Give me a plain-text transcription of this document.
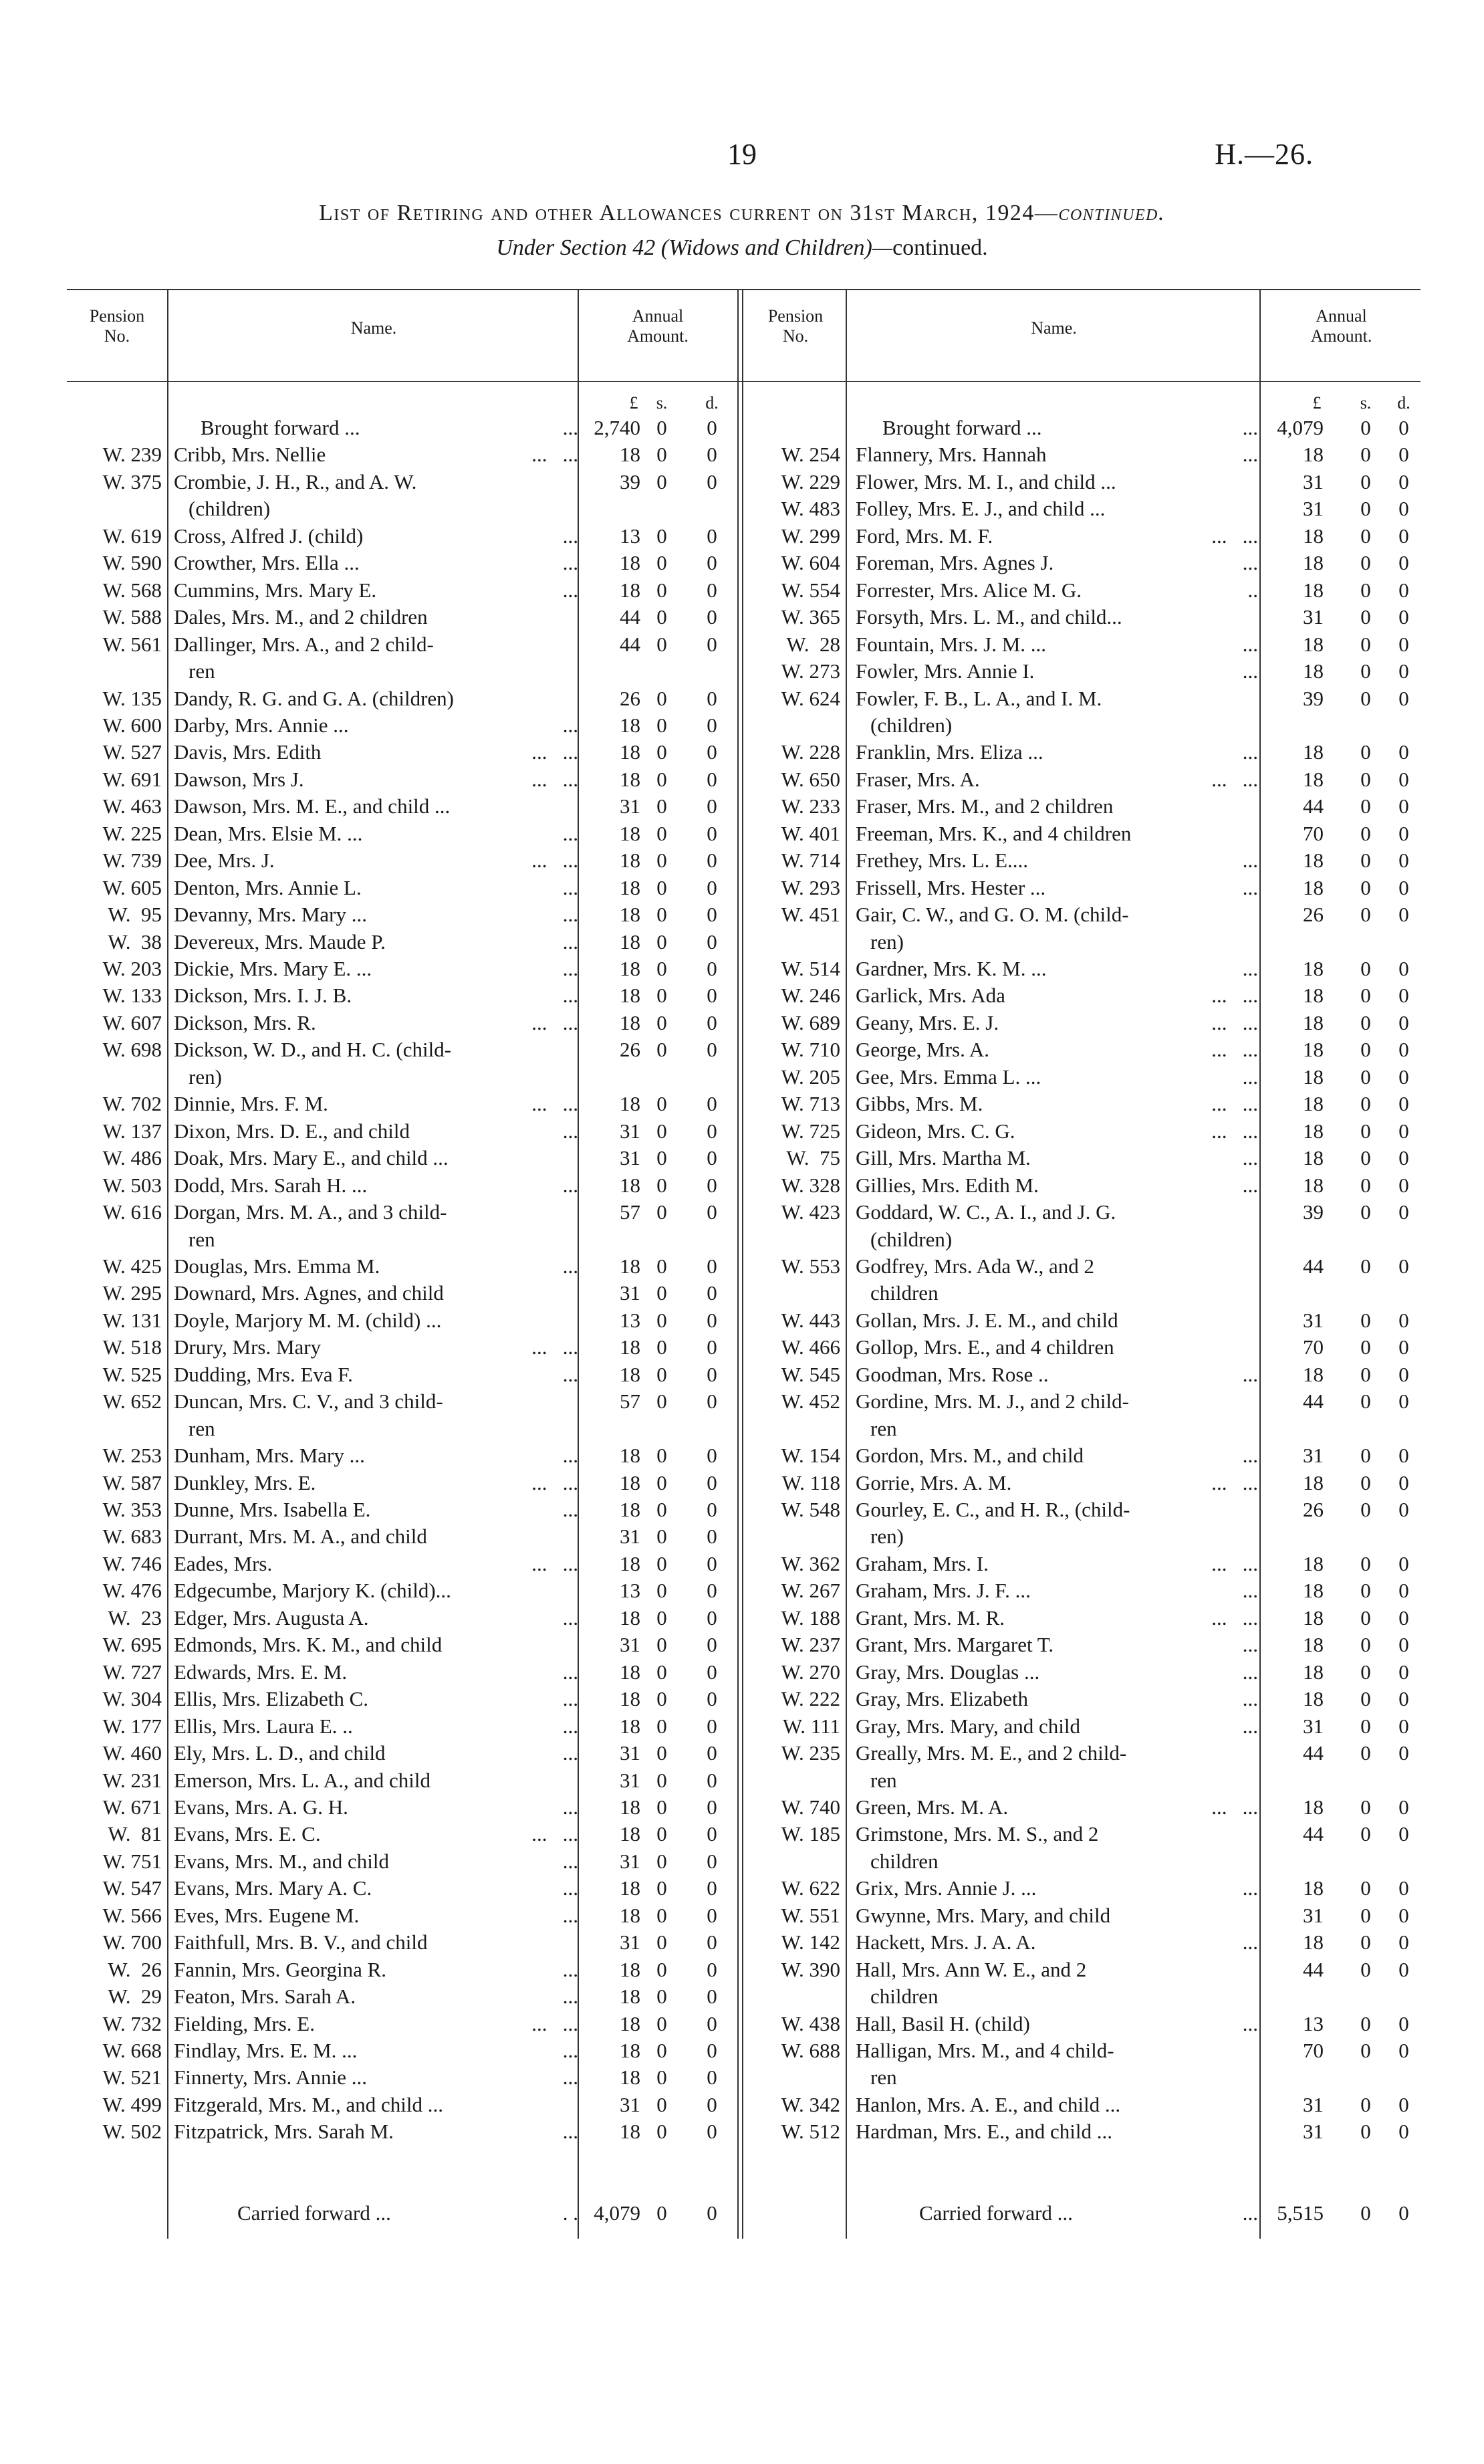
19	H.—26.
List of Retiring and other Allowances current on 31st March, 1924—continued.
Under Section 42 (Widows and Children)—continued.
Pension No.	Name.
Annual Amount.
£	s.	d.
Brought forward ...	... 2,740 0	0
W. 239 Cribb, Mrs. Nellie	...   ...	18 0	0
W. 375 Crombie, J. H., R., and A. W.
(children)
39 0	0
W. 619 Cross, Alfred J. (child)	...	13 0	0
W. 590 Crowther, Mrs. Ella ...	...	18 0	0
W. 568 Cummins, Mrs. Mary E.	...	18 0	0
W. 588 Dales, Mrs. M., and 2 children	44 0	0
W. 561 Dallinger, Mrs. A., and 2 child-
ren
44 0	0
W. 135 Dandy, R. G. and G. A. (children)	26 0	0
W. 600 Darby, Mrs. Annie ...	...	18 0	0
W. 527 Davis, Mrs. Edith	...   ...	18 0	0
W. 691 Dawson, Mrs J.	...   ...	18 0	0
W. 463 Dawson, Mrs. M. E., and child ...	31 0	0
W. 225 Dean, Mrs. Elsie M. ...	...	18 0	0
W. 739 Dee, Mrs. J.	...   ...	18 0	0
W. 605 Denton, Mrs. Annie L.	...	18 0	0
W.  95 Devanny, Mrs. Mary ...	...	18 0	0
W.  38 Devereux, Mrs. Maude P.	...	18 0	0
W. 203 Dickie, Mrs. Mary E. ...	...	18 0	0
W. 133 Dickson, Mrs. I. J. B.	...	18 0	0
W. 607 Dickson, Mrs. R.	...   ...	18 0	0
W. 698 Dickson, W. D., and H. C. (child-
ren)
26 0	0
W. 702 Dinnie, Mrs. F. M.	...   ...	18 0	0
W. 137 Dixon, Mrs. D. E., and child	...	31 0	0
W. 486 Doak, Mrs. Mary E., and child ...	31 0	0
W. 503 Dodd, Mrs. Sarah H. ...	...	18 0	0
W. 616 Dorgan, Mrs. M. A., and 3 child-
ren
57 0	0
W. 425 Douglas, Mrs. Emma M.	...	18 0	0
W. 295 Downard, Mrs. Agnes, and child	31 0	0
W. 131 Doyle, Marjory M. M. (child) ...	13 0	0
W. 518 Drury, Mrs. Mary	...   ...	18 0	0
W. 525 Dudding, Mrs. Eva F.	...	18 0	0
W. 652 Duncan, Mrs. C. V., and 3 child-
ren
57 0	0
W. 253 Dunham, Mrs. Mary ...	...	18 0	0
W. 587 Dunkley, Mrs. E.	...   ...	18 0	0
W. 353 Dunne, Mrs. Isabella E.	...	18 0	0
W. 683 Durrant, Mrs. M. A., and child	31 0	0
W. 746 Eades, Mrs.	...   ...	18 0	0
W. 476 Edgecumbe, Marjory K. (child)...	13 0	0
W.  23 Edger, Mrs. Augusta A.	...	18 0	0
W. 695 Edmonds, Mrs. K. M., and child	31 0	0
W. 727 Edwards, Mrs. E. M.	...	18 0	0
W. 304 Ellis, Mrs. Elizabeth C.	...	18 0	0
W. 177 Ellis, Mrs. Laura E. ..	...	18 0	0
W. 460 Ely, Mrs. L. D., and child	...	31 0	0
W. 231 Emerson, Mrs. L. A., and child	31 0	0
W. 671 Evans, Mrs. A. G. H.	...	18 0	0
W.  81 Evans, Mrs. E. C.	...   ...	18 0	0
W. 751 Evans, Mrs. M., and child	...	31 0	0
W. 547 Evans, Mrs. Mary A. C.	...	18 0	0
W. 566 Eves, Mrs. Eugene M.	...	18 0	0
W. 700 Faithfull, Mrs. B. V., and child	31 0	0
W.  26 Fannin, Mrs. Georgina R.	...	18 0	0
W.  29 Featon, Mrs. Sarah A.	...	18 0	0
W. 732 Fielding, Mrs. E.	...   ...	18 0	0
W. 668 Findlay, Mrs. E. M. ...	...	18 0	0
W. 521 Finnerty, Mrs. Annie ...	...	18 0	0
W. 499 Fitzgerald, Mrs. M., and child ...	31 0	0
W. 502 Fitzpatrick, Mrs. Sarah M.	...	18 0	0
Carried forward ...	. . 4,079 0	0
Pension No.	Name.
Annual Amount.
£	s.	d.
Brought forward ...	... 4,079	0	0
W. 254 Flannery, Mrs. Hannah	...	18	0	0
W. 229 Flower, Mrs. M. I., and child ...	31	0	0
W. 483 Folley, Mrs. E. J., and child ...	31	0	0
W. 299 Ford, Mrs. M. F.	...   ...	18	0	0
W. 604 Foreman, Mrs. Agnes J.	...	18	0	0
W. 554 Forrester, Mrs. Alice M. G.	..	18	0	0
W. 365 Forsyth, Mrs. L. M., and child...	31	0	0
W.  28 Fountain, Mrs. J. M. ...	...	18	0	0
W. 273 Fowler, Mrs. Annie I.	...	18	0	0
W. 624 Fowler, F. B., L. A., and I. M.
(children)
39	0	0
W. 228 Franklin, Mrs. Eliza ...	...	18	0	0
W. 650 Fraser, Mrs. A.	...   ...	18	0	0
W. 233 Fraser, Mrs. M., and 2 children	44	0	0
W. 401 Freeman, Mrs. K., and 4 children	70	0	0
W. 714 Frethey, Mrs. L. E....	...	18	0	0
W. 293 Frissell, Mrs. Hester ...	...	18	0	0
W. 451 Gair, C. W., and G. O. M. (child-
ren)
26	0	0
W. 514 Gardner, Mrs. K. M. ...	...	18	0	0
W. 246 Garlick, Mrs. Ada	...   ...	18	0	0
W. 689 Geany, Mrs. E. J.	...   ...	18	0	0
W. 710 George, Mrs. A.	...   ...	18	0	0
W. 205 Gee, Mrs. Emma L. ...	...	18	0	0
W. 713 Gibbs, Mrs. M.	...   ...	18	0	0
W. 725 Gideon, Mrs. C. G.	...   ...	18	0	0
W.  75 Gill, Mrs. Martha M.	...	18	0	0
W. 328 Gillies, Mrs. Edith M.	...	18	0	0
W. 423 Goddard, W. C., A. I., and J. G.
(children)
39	0	0
W. 553 Godfrey, Mrs. Ada W., and 2
children
44	0	0
W. 443 Gollan, Mrs. J. E. M., and child	31	0	0
W. 466 Gollop, Mrs. E., and 4 children	70	0	0
W. 545 Goodman, Mrs. Rose ..	...	18	0	0
W. 452 Gordine, Mrs. M. J., and 2 child-
ren
44	0	0
W. 154 Gordon, Mrs. M., and child	...	31	0	0
W. 118 Gorrie, Mrs. A. M.	...   ...	18	0	0
W. 548 Gourley, E. C., and H. R., (child-
ren)
26	0	0
W. 362 Graham, Mrs. I.	...   ...	18	0	0
W. 267 Graham, Mrs. J. F. ...	...	18	0	0
W. 188 Grant, Mrs. M. R.	...   ...	18	0	0
W. 237 Grant, Mrs. Margaret T.	...	18	0	0
W. 270 Gray, Mrs. Douglas ...	...	18	0	0
W. 222 Gray, Mrs. Elizabeth	...	18	0	0
W. 111 Gray, Mrs. Mary, and child	...	31	0	0
W. 235 Greally, Mrs. M. E., and 2 child-
ren
44	0	0
W. 740 Green, Mrs. M. A.	...   ...	18	0	0
W. 185 Grimstone, Mrs. M. S., and 2
children
44	0	0
W. 622 Grix, Mrs. Annie J. ...	...	18	0	0
W. 551 Gwynne, Mrs. Mary, and child	31	0	0
W. 142 Hackett, Mrs. J. A. A.	...	18	0	0
W. 390 Hall, Mrs. Ann W. E., and 2
children
44	0	0
W. 438 Hall, Basil H. (child)	...	13	0	0
W. 688 Halligan, Mrs. M., and 4 child-
ren
70	0	0
W. 342 Hanlon, Mrs. A. E., and child ...	31	0	0
W. 512 Hardman, Mrs. E., and child ...	31	0	0
Carried forward ...	... 5,515	0	0
